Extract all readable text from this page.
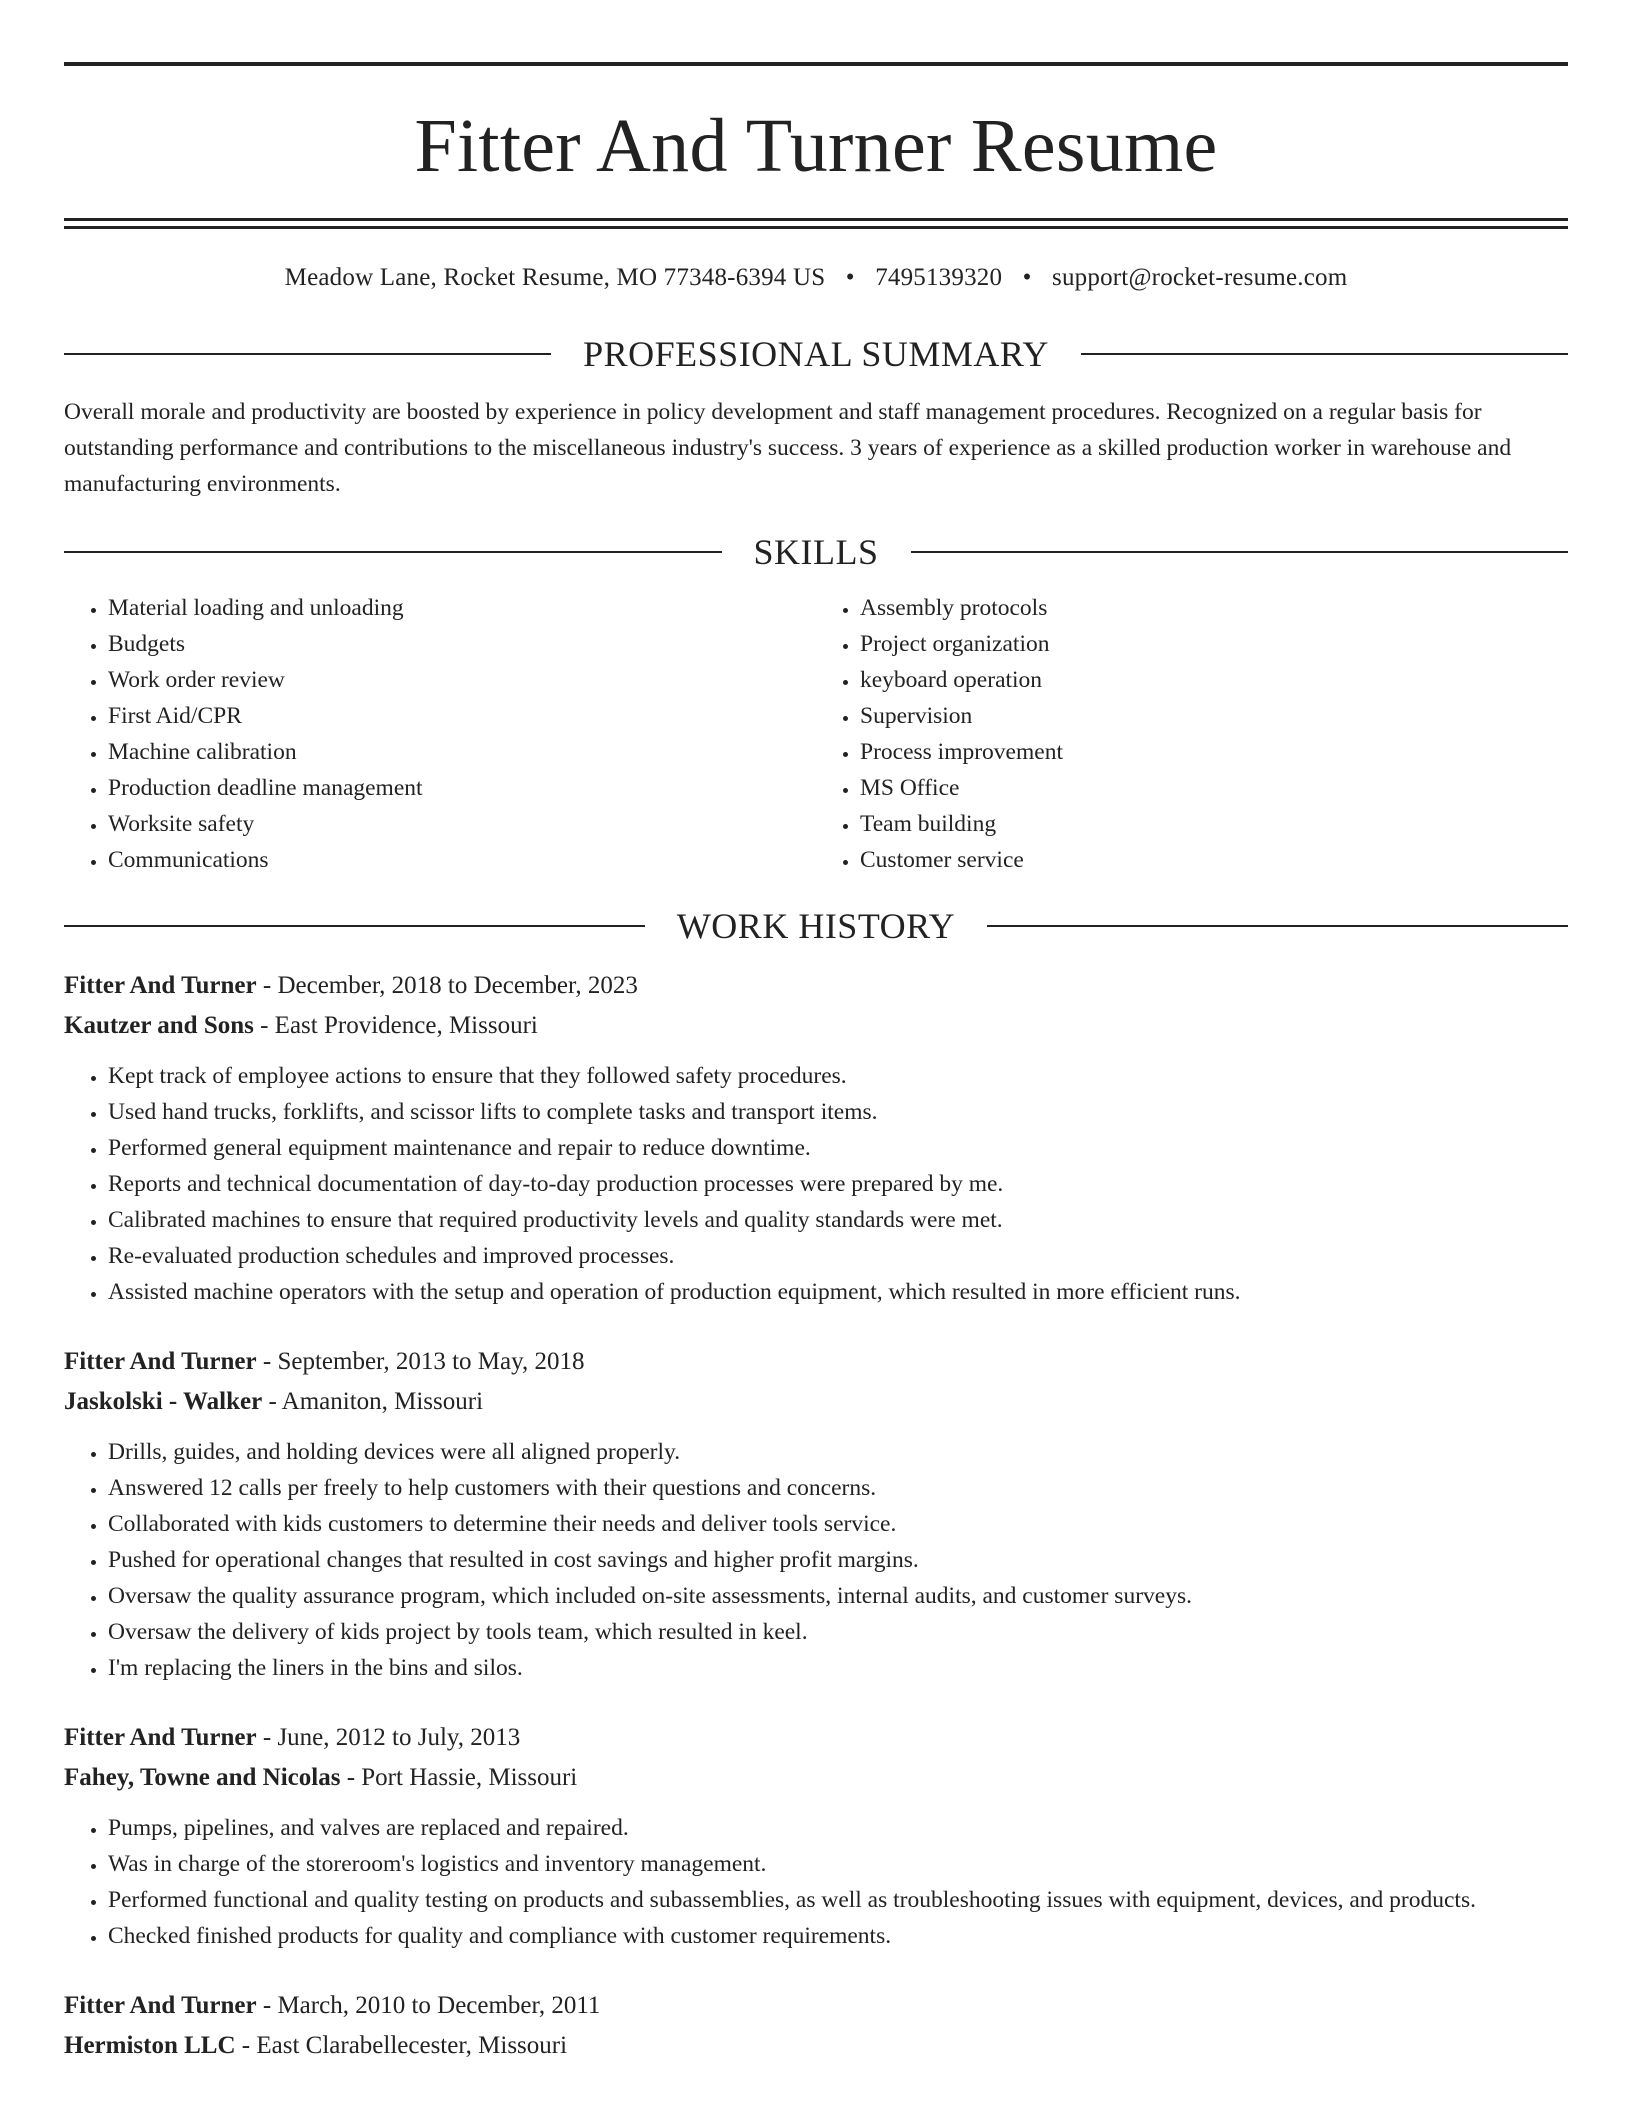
Fitter And Turner Resume
Meadow Lane, Rocket Resume, MO 77348-6394 US • 7495139320 • support@rocket-resume.com
PROFESSIONAL SUMMARY
Overall morale and productivity are boosted by experience in policy development and staff management procedures. Recognized on a regular basis for outstanding performance and contributions to the miscellaneous industry's success. 3 years of experience as a skilled production worker in warehouse and manufacturing environments.
SKILLS
• Material loading and unloading
• Budgets
• Work order review
• First Aid/CPR
• Machine calibration
• Production deadline management
• Worksite safety
• Communications
• Assembly protocols
• Project organization
• keyboard operation
• Supervision
• Process improvement
• MS Office
• Team building
• Customer service
WORK HISTORY
Fitter And Turner - December, 2018 to December, 2023
Kautzer and Sons - East Providence, Missouri
• Kept track of employee actions to ensure that they followed safety procedures.
• Used hand trucks, forklifts, and scissor lifts to complete tasks and transport items.
• Performed general equipment maintenance and repair to reduce downtime.
• Reports and technical documentation of day-to-day production processes were prepared by me.
• Calibrated machines to ensure that required productivity levels and quality standards were met.
• Re-evaluated production schedules and improved processes.
• Assisted machine operators with the setup and operation of production equipment, which resulted in more efficient runs.
Fitter And Turner - September, 2013 to May, 2018
Jaskolski - Walker - Amaniton, Missouri
• Drills, guides, and holding devices were all aligned properly.
• Answered 12 calls per freely to help customers with their questions and concerns.
• Collaborated with kids customers to determine their needs and deliver tools service.
• Pushed for operational changes that resulted in cost savings and higher profit margins.
• Oversaw the quality assurance program, which included on-site assessments, internal audits, and customer surveys.
• Oversaw the delivery of kids project by tools team, which resulted in keel.
• I'm replacing the liners in the bins and silos.
Fitter And Turner - June, 2012 to July, 2013
Fahey, Towne and Nicolas - Port Hassie, Missouri
• Pumps, pipelines, and valves are replaced and repaired.
• Was in charge of the storeroom's logistics and inventory management.
• Performed functional and quality testing on products and subassemblies, as well as troubleshooting issues with equipment, devices, and products.
• Checked finished products for quality and compliance with customer requirements.
Fitter And Turner - March, 2010 to December, 2011
Hermiston LLC - East Clarabellecester, Missouri
